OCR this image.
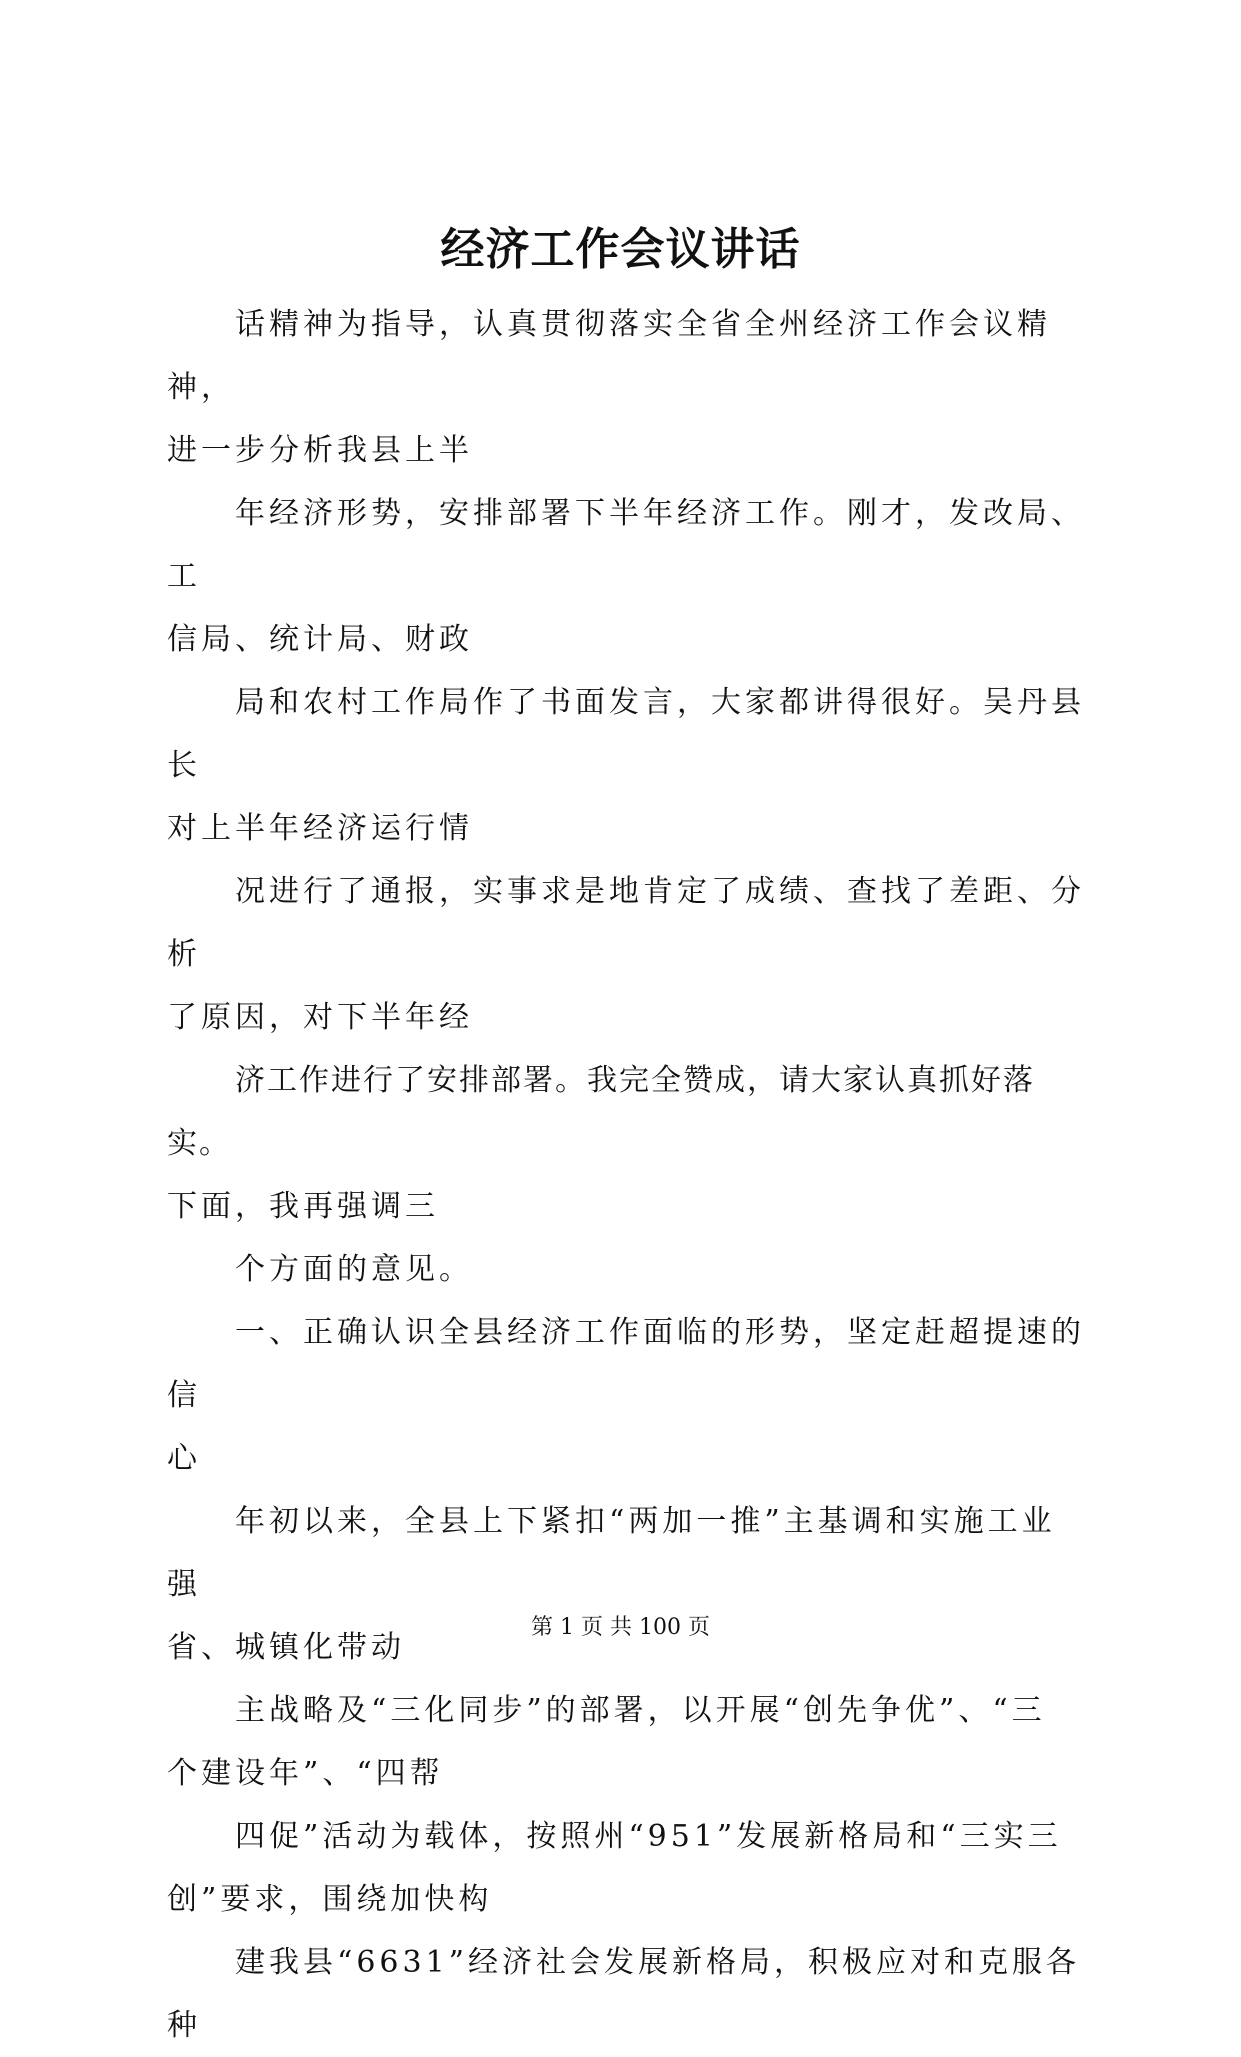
经济工作会议讲话

话精神为指导，认真贯彻落实全省全州经济工作会议精神，
进一步分析我县上半

年经济形势，安排部署下半年经济工作。刚才，发改局、工
信局、统计局、财政

局和农村工作局作了书面发言，大家都讲得很好。吴丹县长
对上半年经济运行情

况进行了通报，实事求是地肯定了成绩、查找了差距、分析
了原因，对下半年经

济工作进行了安排部署。我完全赞成，请大家认真抓好落实。
下面，我再强调三

个方面的意见。

一、正确认识全县经济工作面临的形势，坚定赶超提速的信
心

年初以来，全县上下紧扣“两加一推”主基调和实施工业强
省、城镇化带动

主战略及“三化同步”的部署，以开展“创先争优”、“三
个建设年”、“四帮

四促”活动为载体，按照州“951”发展新格局和“三实三
创”要求，围绕加快构

建我县“6631”经济社会发展新格局，积极应对和克服各种

第 1 页 共 100 页
